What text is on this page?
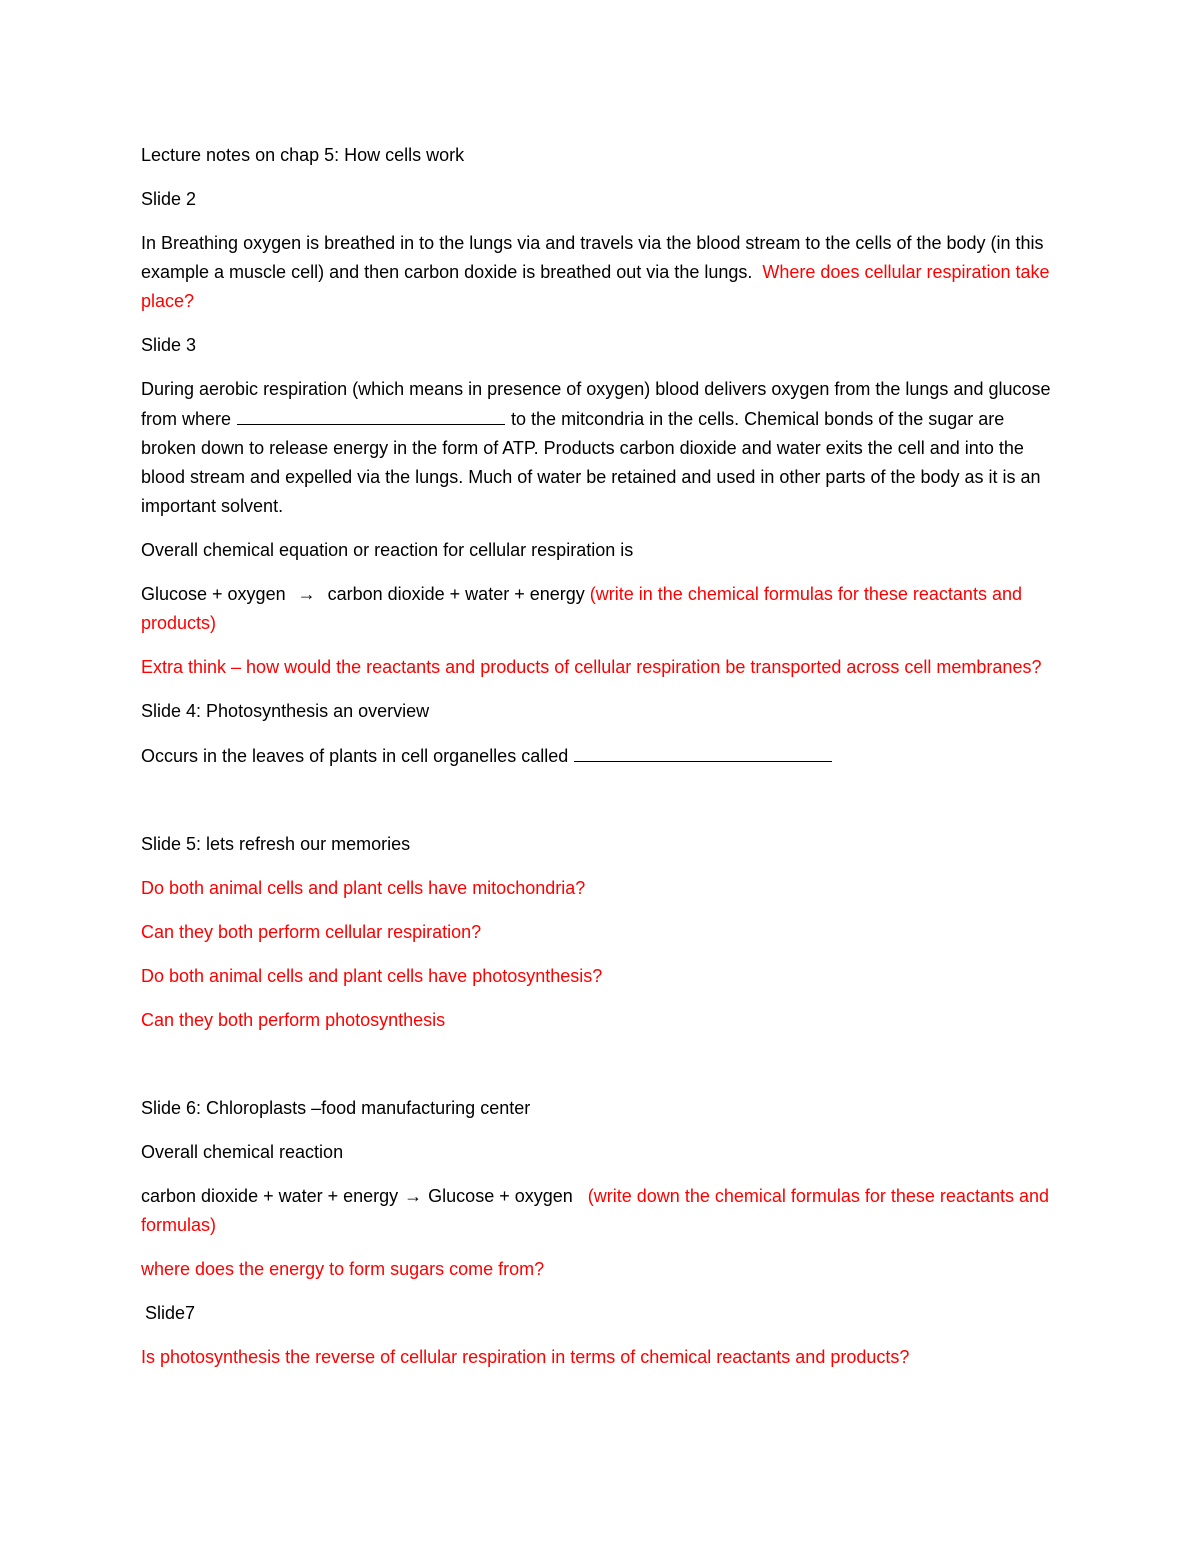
Lecture notes on chap 5: How cells work

Slide 2

In Breathing oxygen is breathed in to the lungs via and travels via the blood stream to the cells of the body (in this example a muscle cell) and then carbon doxide is breathed out via the lungs. Where does cellular respiration take place?

Slide 3

During aerobic respiration (which means in presence of oxygen) blood delivers oxygen from the lungs and glucose from where	to the mitcondria in the cells. Chemical bonds of the sugar are broken down to release energy in the form of ATP. Products carbon dioxide and water exits the cell and into the blood stream and expelled via the lungs. Much of water be retained and used in other parts of the body as it is an important solvent.

Overall chemical equation or reaction for cellular respiration is

Glucose + oxygen → carbon dioxide + water + energy (write in the chemical formulas for these reactants and products)

Extra think – how would the reactants and products of cellular respiration be transported across cell membranes?

Slide 4: Photosynthesis an overview

Occurs in the leaves of plants in cell organelles called

Slide 5: lets refresh our memories

Do both animal cells and plant cells have mitochondria?

Can they both perform cellular respiration?

Do both animal cells and plant cells have photosynthesis?

Can they both perform photosynthesis

Slide 6: Chloroplasts –food manufacturing center

Overall chemical reaction

carbon dioxide + water + energy → Glucose + oxygen (write down the chemical formulas for these reactants and formulas)

where does the energy to form sugars come from?

Slide7

Is photosynthesis the reverse of cellular respiration in terms of chemical reactants and products?
